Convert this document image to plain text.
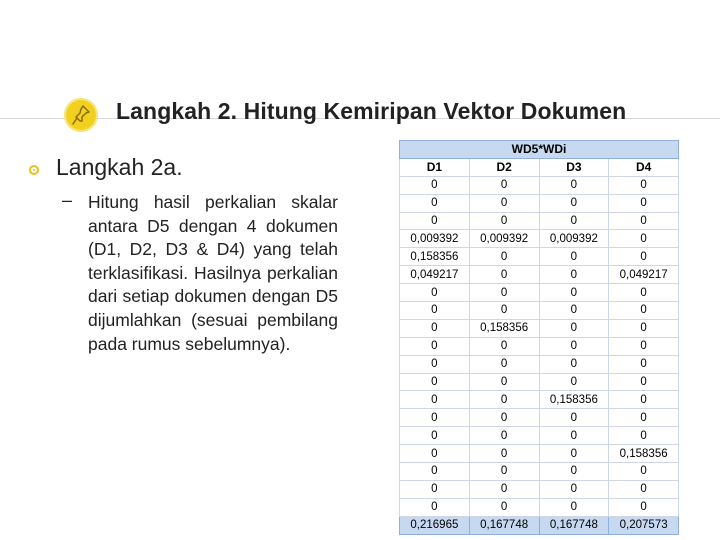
Langkah 2. Hitung Kemiripan Vektor Dokumen
Langkah 2a.
– Hitung hasil perkalian skalar antara D5 dengan 4 dokumen (D1, D2, D3 & D4) yang telah terklasifikasi. Hasilnya perkalian dari setiap dokumen dengan D5 dijumlahkan (sesuai pembilang pada rumus sebelumnya).
WD5*WDi			
D1	D2	D3	D4
0	0	0	0
0	0	0	0
0	0	0	0
0,009392	0,009392	0,009392	0
0,158356	0	0	0
0,049217	0	0	0,049217
0	0	0	0
0	0	0	0
0	0,158356	0	0
0	0	0	0
0	0	0	0
0	0	0	0
0	0	0,158356	0
0	0	0	0
0	0	0	0
0	0	0	0,158356
0	0	0	0
0	0	0	0
0	0	0	0
0,216965	0,167748	0,167748	0,207573
